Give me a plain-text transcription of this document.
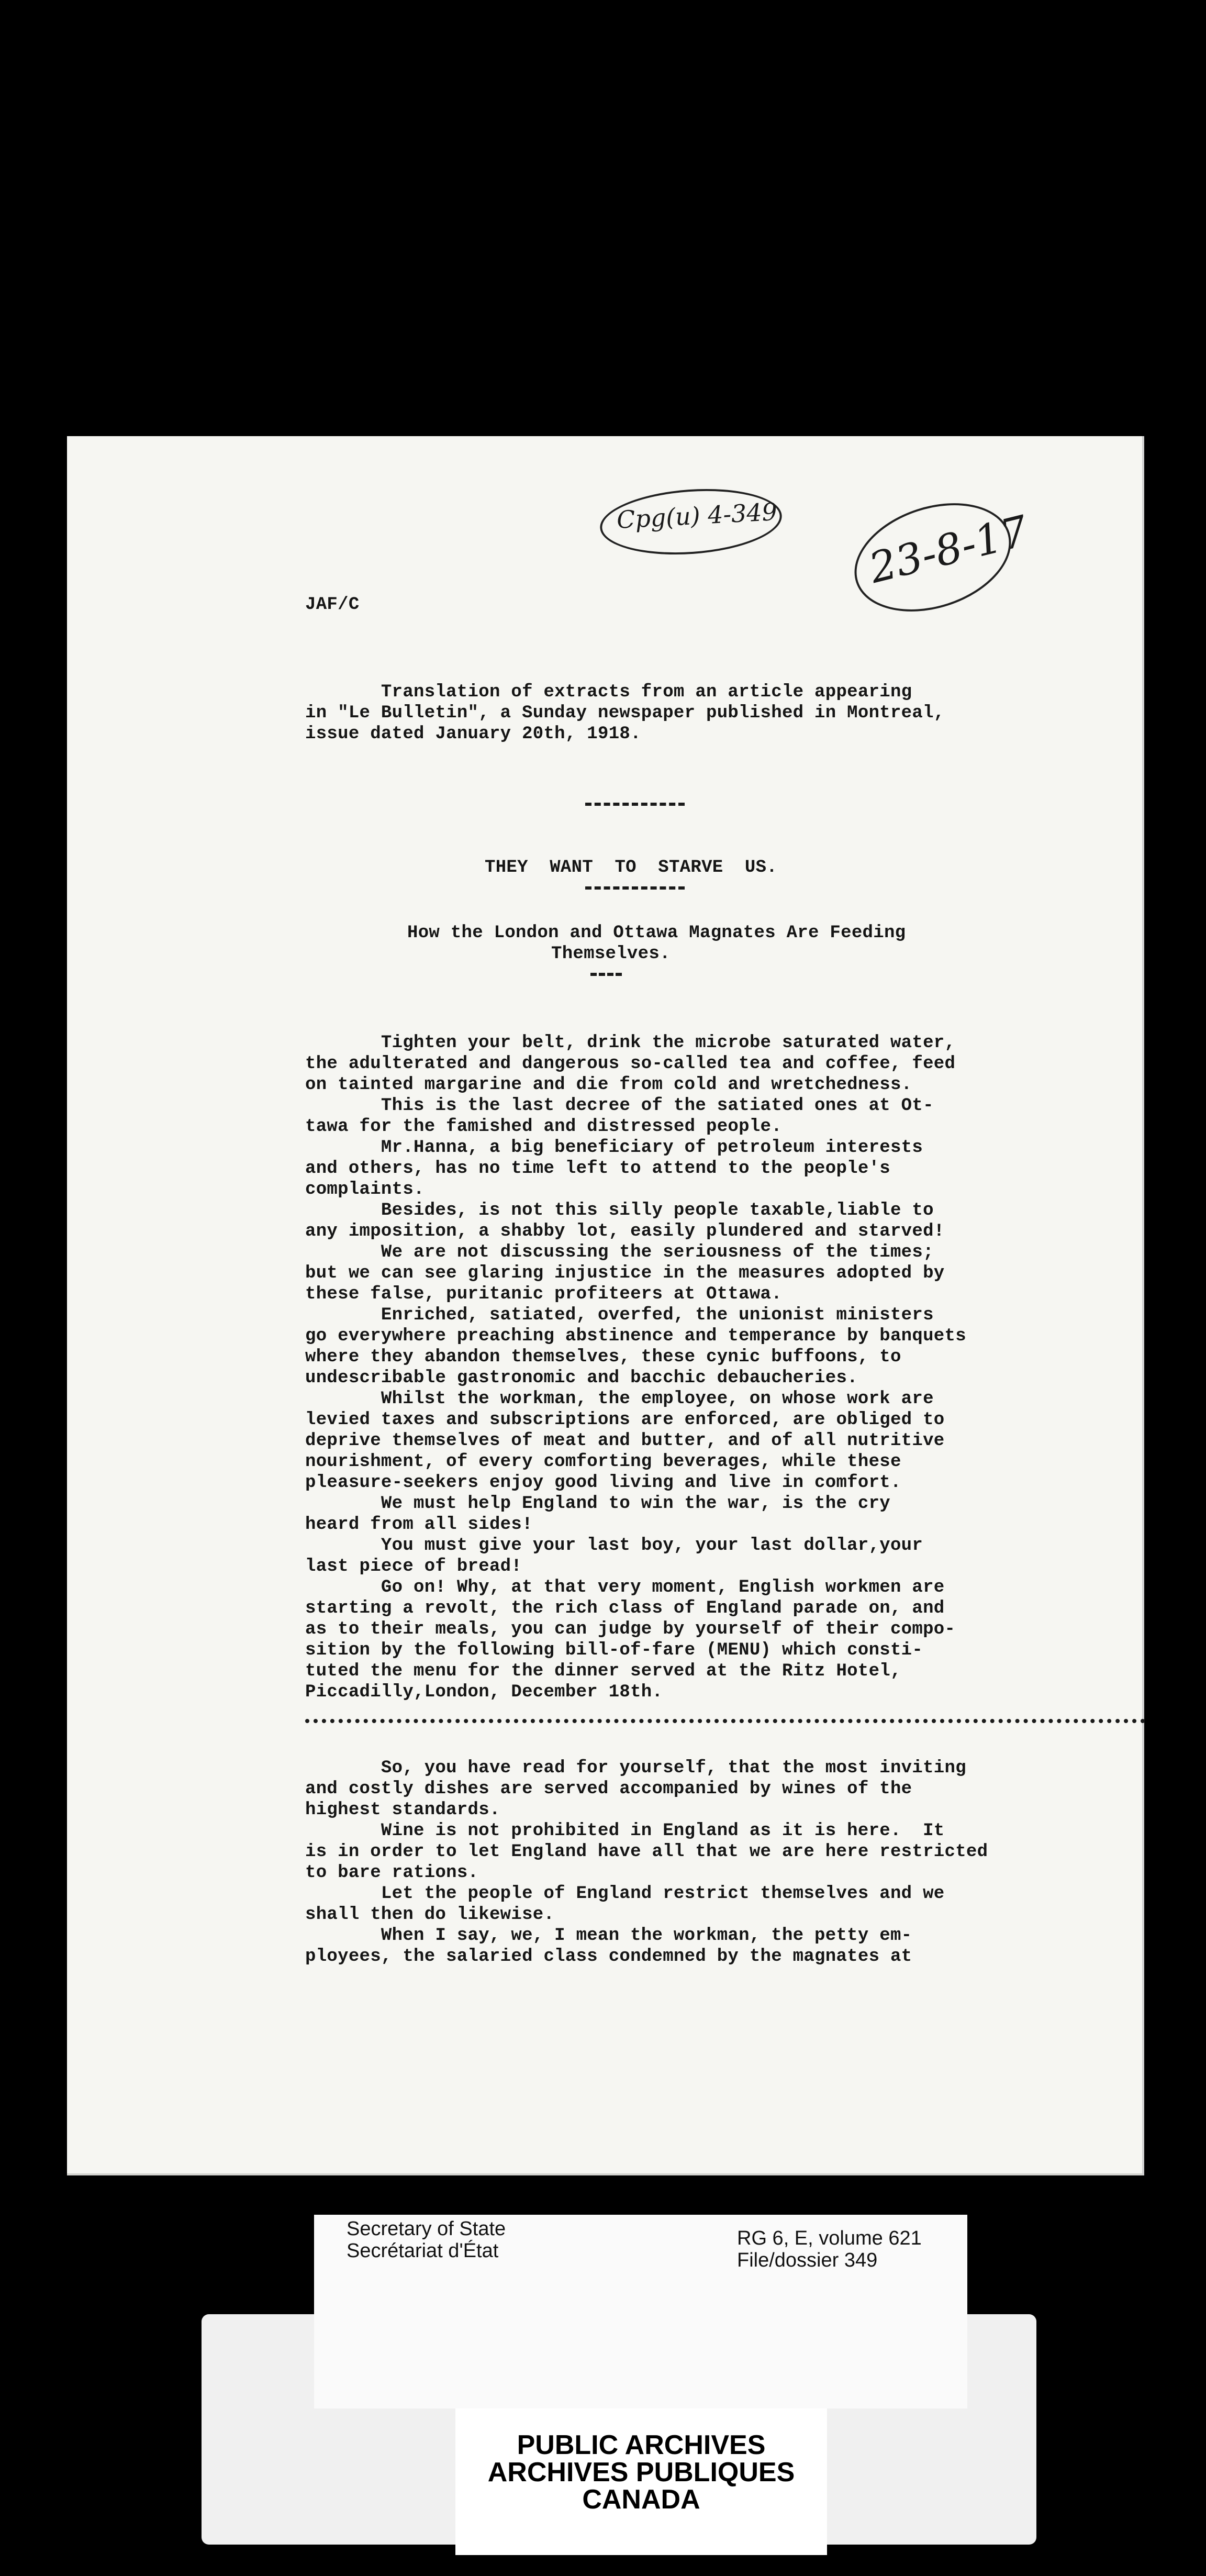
Cpg(u) 4-349 23-8-17
JAF/C
Translation of extracts from an article appearing
in "Le Bulletin", a Sunday newspaper published in Montreal,
issue dated January 20th, 1918.
THEY  WANT  TO  STARVE  US.
How the London and Ottawa Magnates Are Feeding
Themselves.
Tighten your belt, drink the microbe saturated water,
the adulterated and dangerous so-called tea and coffee, feed
on tainted margarine and die from cold and wretchedness.
This is the last decree of the satiated ones at Ot-
tawa for the famished and distressed people.
Mr.Hanna, a big beneficiary of petroleum interests
and others, has no time left to attend to the people's
complaints.
Besides, is not this silly people taxable,liable to
any imposition, a shabby lot, easily plundered and starved!
We are not discussing the seriousness of the times;
but we can see glaring injustice in the measures adopted by
these false, puritanic profiteers at Ottawa.
Enriched, satiated, overfed, the unionist ministers
go everywhere preaching abstinence and temperance by banquets
where they abandon themselves, these cynic buffoons, to
undescribable gastronomic and bacchic debaucheries.
Whilst the workman, the employee, on whose work are
levied taxes and subscriptions are enforced, are obliged to
deprive themselves of meat and butter, and of all nutritive
nourishment, of every comforting beverages, while these
pleasure-seekers enjoy good living and live in comfort.
We must help England to win the war, is the cry
heard from all sides!
You must give your last boy, your last dollar,your
last piece of bread!
Go on! Why, at that very moment, English workmen are
starting a revolt, the rich class of England parade on, and
as to their meals, you can judge by yourself of their compo-
sition by the following bill-of-fare (MENU) which consti-
tuted the menu for the dinner served at the Ritz Hotel,
Piccadilly,London, December 18th.
So, you have read for yourself, that the most inviting
and costly dishes are served accompanied by wines of the
highest standards.
Wine is not prohibited in England as it is here.  It
is in order to let England have all that we are here restricted
to bare rations.
Let the people of England restrict themselves and we
shall then do likewise.
When I say, we, I mean the workman, the petty em-
ployees, the salaried class condemned by the magnates at
PUBLIC ARCHIVES
ARCHIVES PUBLIQUES
CANADA
Secretary of State
Secrétariat d'État
RG 6, E, volume 621
File/dossier 349
